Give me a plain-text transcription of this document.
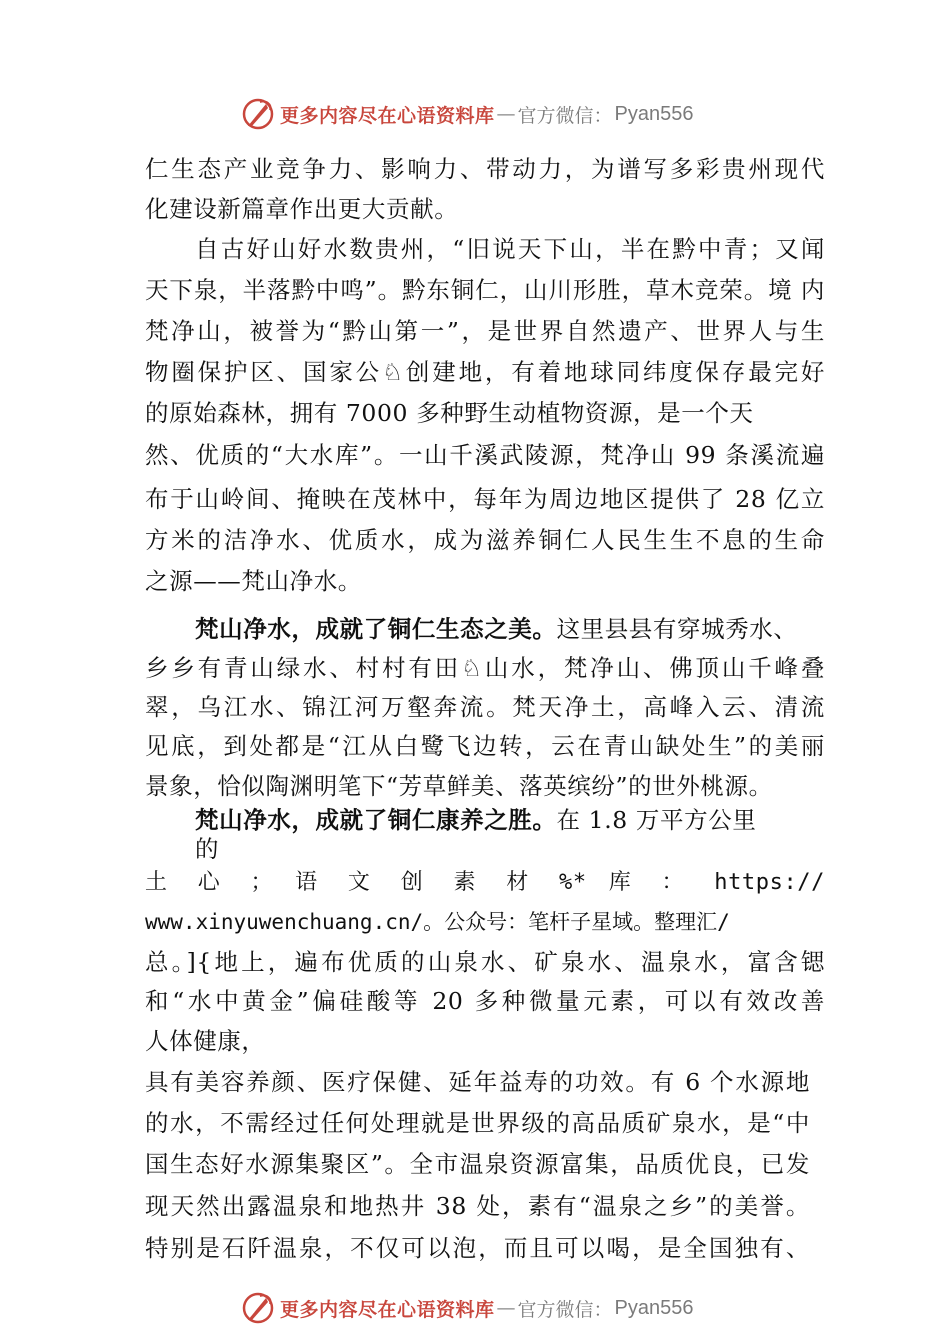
更多内容尽在心语资料库 — 官方微信： Pyan556
仁生态产业竞争力、影响力、带动力，为谱写多彩贵州现代
化建设新篇章作出更大贡献。
自古好山好水数贵州，“旧说天下山，半在黔中青；又闻
天下泉，半落黔中鸣”。黔东铜仁，山川形胜，草木竞荣。境 内
梵净山，被誉为“黔山第一”，是世界自然遗产、世界人与生
物圈保护区、国家公♘创建地，有着地球同纬度保存最完好
的原始森林，拥有 7000 多种野生动植物资源，是一个天
然、优质的“大水库”。一山千溪武陵源，梵净山 99 条溪流遍
布于山岭间、掩映在茂林中，每年为周边地区提供了 28 亿立
方米的洁净水、优质水，成为滋养铜仁人民生生不息的生命
之源——梵山净水。
梵山净水，成就了铜仁生态之美。这里县县有穿城秀水、
乡乡有青山绿水、村村有田♘山水，梵净山、佛顶山千峰叠
翠，乌江水、锦江河万壑奔流。梵天净土，高峰入云、清流
见底，到处都是“江从白鹭飞边转，云在青山缺处生”的美丽
景象，恰似陶渊明笔下“芳草鲜美、落英缤纷”的世外桃源。
梵山净水，成就了铜仁康养之胜。在 1.8 万平方公里
的
土 心 ； 语 文 创 素 材 %* 库 ： https://
www.xinyuwenchuang.cn/。公众号：笔杆子星域。整理汇/
总。]{地上，遍布优质的山泉水、矿泉水、温泉水，富含锶
和“水中黄金”偏硅酸等 20 多种微量元素，可以有效改善
人体健康，
具有美容养颜、医疗保健、延年益寿的功效。有 6 个水源地
的水，不需经过任何处理就是世界级的高品质矿泉水，是“中
国生态好水源集聚区”。全市温泉资源富集，品质优良，已发
现天然出露温泉和地热井 38 处，素有“温泉之乡”的美誉。
特别是石阡温泉，不仅可以泡，而且可以喝，是全国独有、
更多内容尽在心语资料库 — 官方微信： Pyan556
